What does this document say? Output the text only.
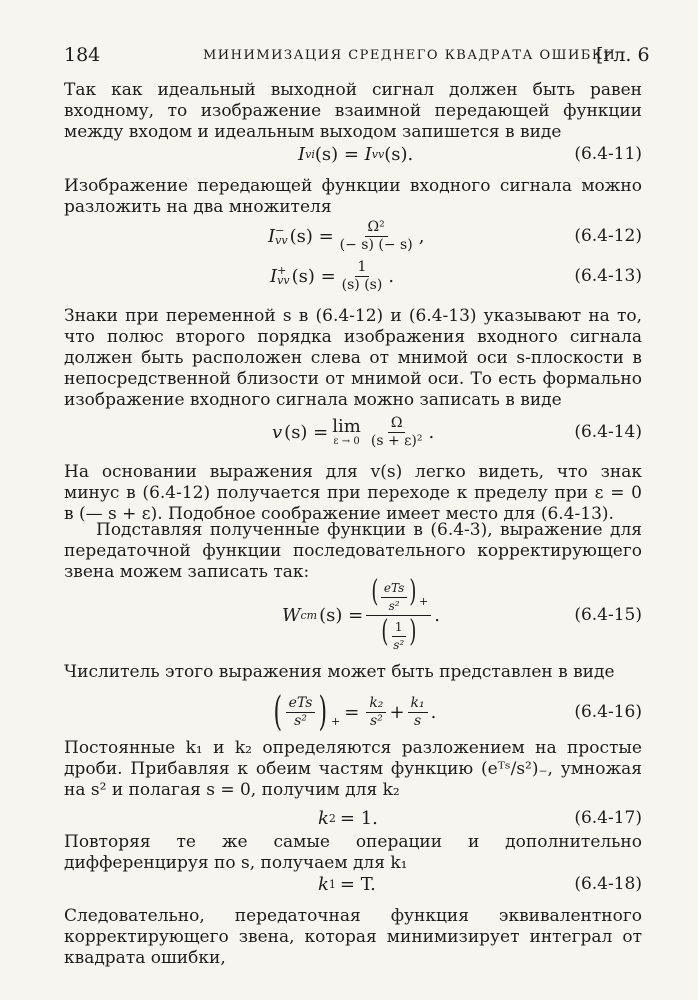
184	МИНИМИЗАЦИЯ СРЕДНЕГО КВАДРАТА ОШИБКИ
[гл. 6

Так как идеальный выходной сигнал должен быть равен входному, то изображение взаимной передающей функции между входом и идеальным выходом запишется в виде

I vi (s) = I vv (s).	(6.4-11)

Изображение передающей функции входного сигнала можно разложить на два множителя

I −
vv $(s) = \frac{\text{Ω²}}{(- s) (- s)}$ ,	(6.4-12)
I +
vv $(s) = \frac{1}{(s) (s)}$ .	(6.4-13)

Знаки при переменной s в (6.4-12) и (6.4-13) указывают на то, что полюс второго порядка изображения входного сигнала должен быть расположен слева от мнимой оси s-плоскости в непосредственной близости от мнимой оси. То есть формально изображение входного сигнала можно записать в виде

v (s) = lim
$\varepsilon \to 0 \frac{\Omega}{\text{(s + ε)²}}$ .	(6.4-14)

На основании выражения для v(s) легко видеть, что знак минус в (6.4-12) получается при переходе к пределу при ε = 0 в (— s + ε). Подобное соображение имеет место для (6.4-13).

Подставляя полученные функции в (6.4-3), выражение для передаточной функции последовательного корректирующего звена можем записать так:

W cm $(s) = \frac{( \frac{\text{eTs}}{\text{s²}} ) _+}{( \frac{1}{\text{s²}} )}$ .	(6.4-15)

Числитель этого выражения может быть представлен в виде

( $\frac{\text{eTs}}{\text{s²}}$ ) $_+ = \frac{\text{k₂}}{\text{s²}} + \frac{\text{k₁}}{s}$ .	(6.4-16)

Постоянные k₁ и k₂ определяются разложением на простые дроби. Прибавляя к обеим частям функцию (eᵀˢ/s²)₋, умножая на s² и полагая s = 0, получим для k₂

k 2 = 1.	(6.4-17)

Повторяя те же самые операции и дополнительно дифференцируя по s, получаем для k₁

k 1 = T.	(6.4-18)

Следовательно, передаточная функция эквивалентного корректирующего звена, которая минимизирует интеграл от квадрата ошибки,
